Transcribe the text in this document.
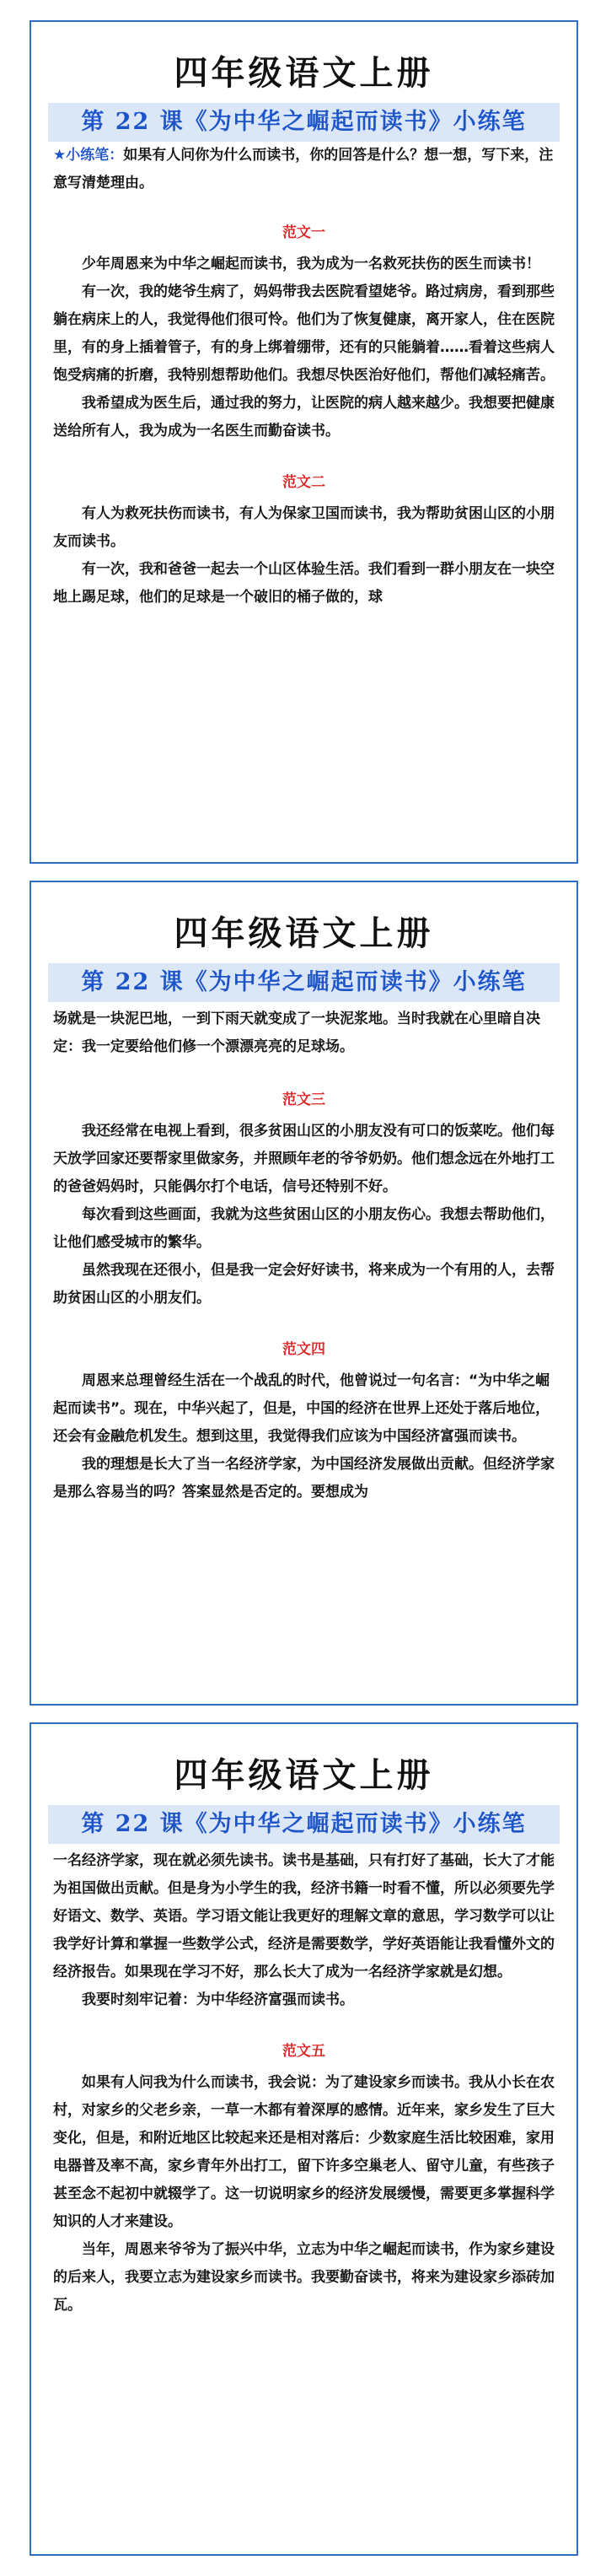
四年级语文上册
第 22 课《为中华之崛起而读书》小练笔

★小练笔：如果有人问你为什么而读书，你的回答是什么？想一想，写下来，注意写清楚理由。

范文一

少年周恩来为中华之崛起而读书，我为成为一名救死扶伤的医生而读书！

有一次，我的姥爷生病了，妈妈带我去医院看望姥爷。路过病房，看到那些躺在病床上的人，我觉得他们很可怜。他们为了恢复健康，离开家人，住在医院里，有的身上插着管子，有的身上绑着绷带，还有的只能躺着……看着这些病人饱受病痛的折磨，我特别想帮助他们。我想尽快医治好他们，帮他们减轻痛苦。

我希望成为医生后，通过我的努力，让医院的病人越来越少。我想要把健康送给所有人，我为成为一名医生而勤奋读书。

范文二

有人为救死扶伤而读书，有人为保家卫国而读书，我为帮助贫困山区的小朋友而读书。

有一次，我和爸爸一起去一个山区体验生活。我们看到一群小朋友在一块空地上踢足球，他们的足球是一个破旧的桶子做的，球

四年级语文上册
第 22 课《为中华之崛起而读书》小练笔

场就是一块泥巴地，一到下雨天就变成了一块泥浆地。当时我就在心里暗自决定：我一定要给他们修一个漂漂亮亮的足球场。

范文三

我还经常在电视上看到，很多贫困山区的小朋友没有可口的饭菜吃。他们每天放学回家还要帮家里做家务，并照顾年老的爷爷奶奶。他们想念远在外地打工的爸爸妈妈时，只能偶尔打个电话，信号还特别不好。

每次看到这些画面，我就为这些贫困山区的小朋友伤心。我想去帮助他们，让他们感受城市的繁华。

虽然我现在还很小，但是我一定会好好读书，将来成为一个有用的人，去帮助贫困山区的小朋友们。

范文四

周恩来总理曾经生活在一个战乱的时代，他曾说过一句名言：“为中华之崛起而读书”。现在，中华兴起了，但是，中国的经济在世界上还处于落后地位，还会有金融危机发生。想到这里，我觉得我们应该为中国经济富强而读书。

我的理想是长大了当一名经济学家，为中国经济发展做出贡献。但经济学家是那么容易当的吗？答案显然是否定的。要想成为

四年级语文上册
第 22 课《为中华之崛起而读书》小练笔

一名经济学家，现在就必须先读书。读书是基础，只有打好了基础，长大了才能为祖国做出贡献。但是身为小学生的我，经济书籍一时看不懂，所以必须要先学好语文、数学、英语。学习语文能让我更好的理解文章的意思，学习数学可以让我学好计算和掌握一些数学公式，经济是需要数学，学好英语能让我看懂外文的经济报告。如果现在学习不好，那么长大了成为一名经济学家就是幻想。

我要时刻牢记着：为中华经济富强而读书。

范文五

如果有人问我为什么而读书，我会说：为了建设家乡而读书。我从小长在农村，对家乡的父老乡亲，一草一木都有着深厚的感情。近年来，家乡发生了巨大变化，但是，和附近地区比较起来还是相对落后：少数家庭生活比较困难，家用电器普及率不高，家乡青年外出打工，留下许多空巢老人、留守儿童，有些孩子甚至念不起初中就辍学了。这一切说明家乡的经济发展缓慢，需要更多掌握科学知识的人才来建设。

当年，周恩来爷爷为了振兴中华，立志为中华之崛起而读书，作为家乡建设的后来人，我要立志为建设家乡而读书。我要勤奋读书，将来为建设家乡添砖加瓦。
